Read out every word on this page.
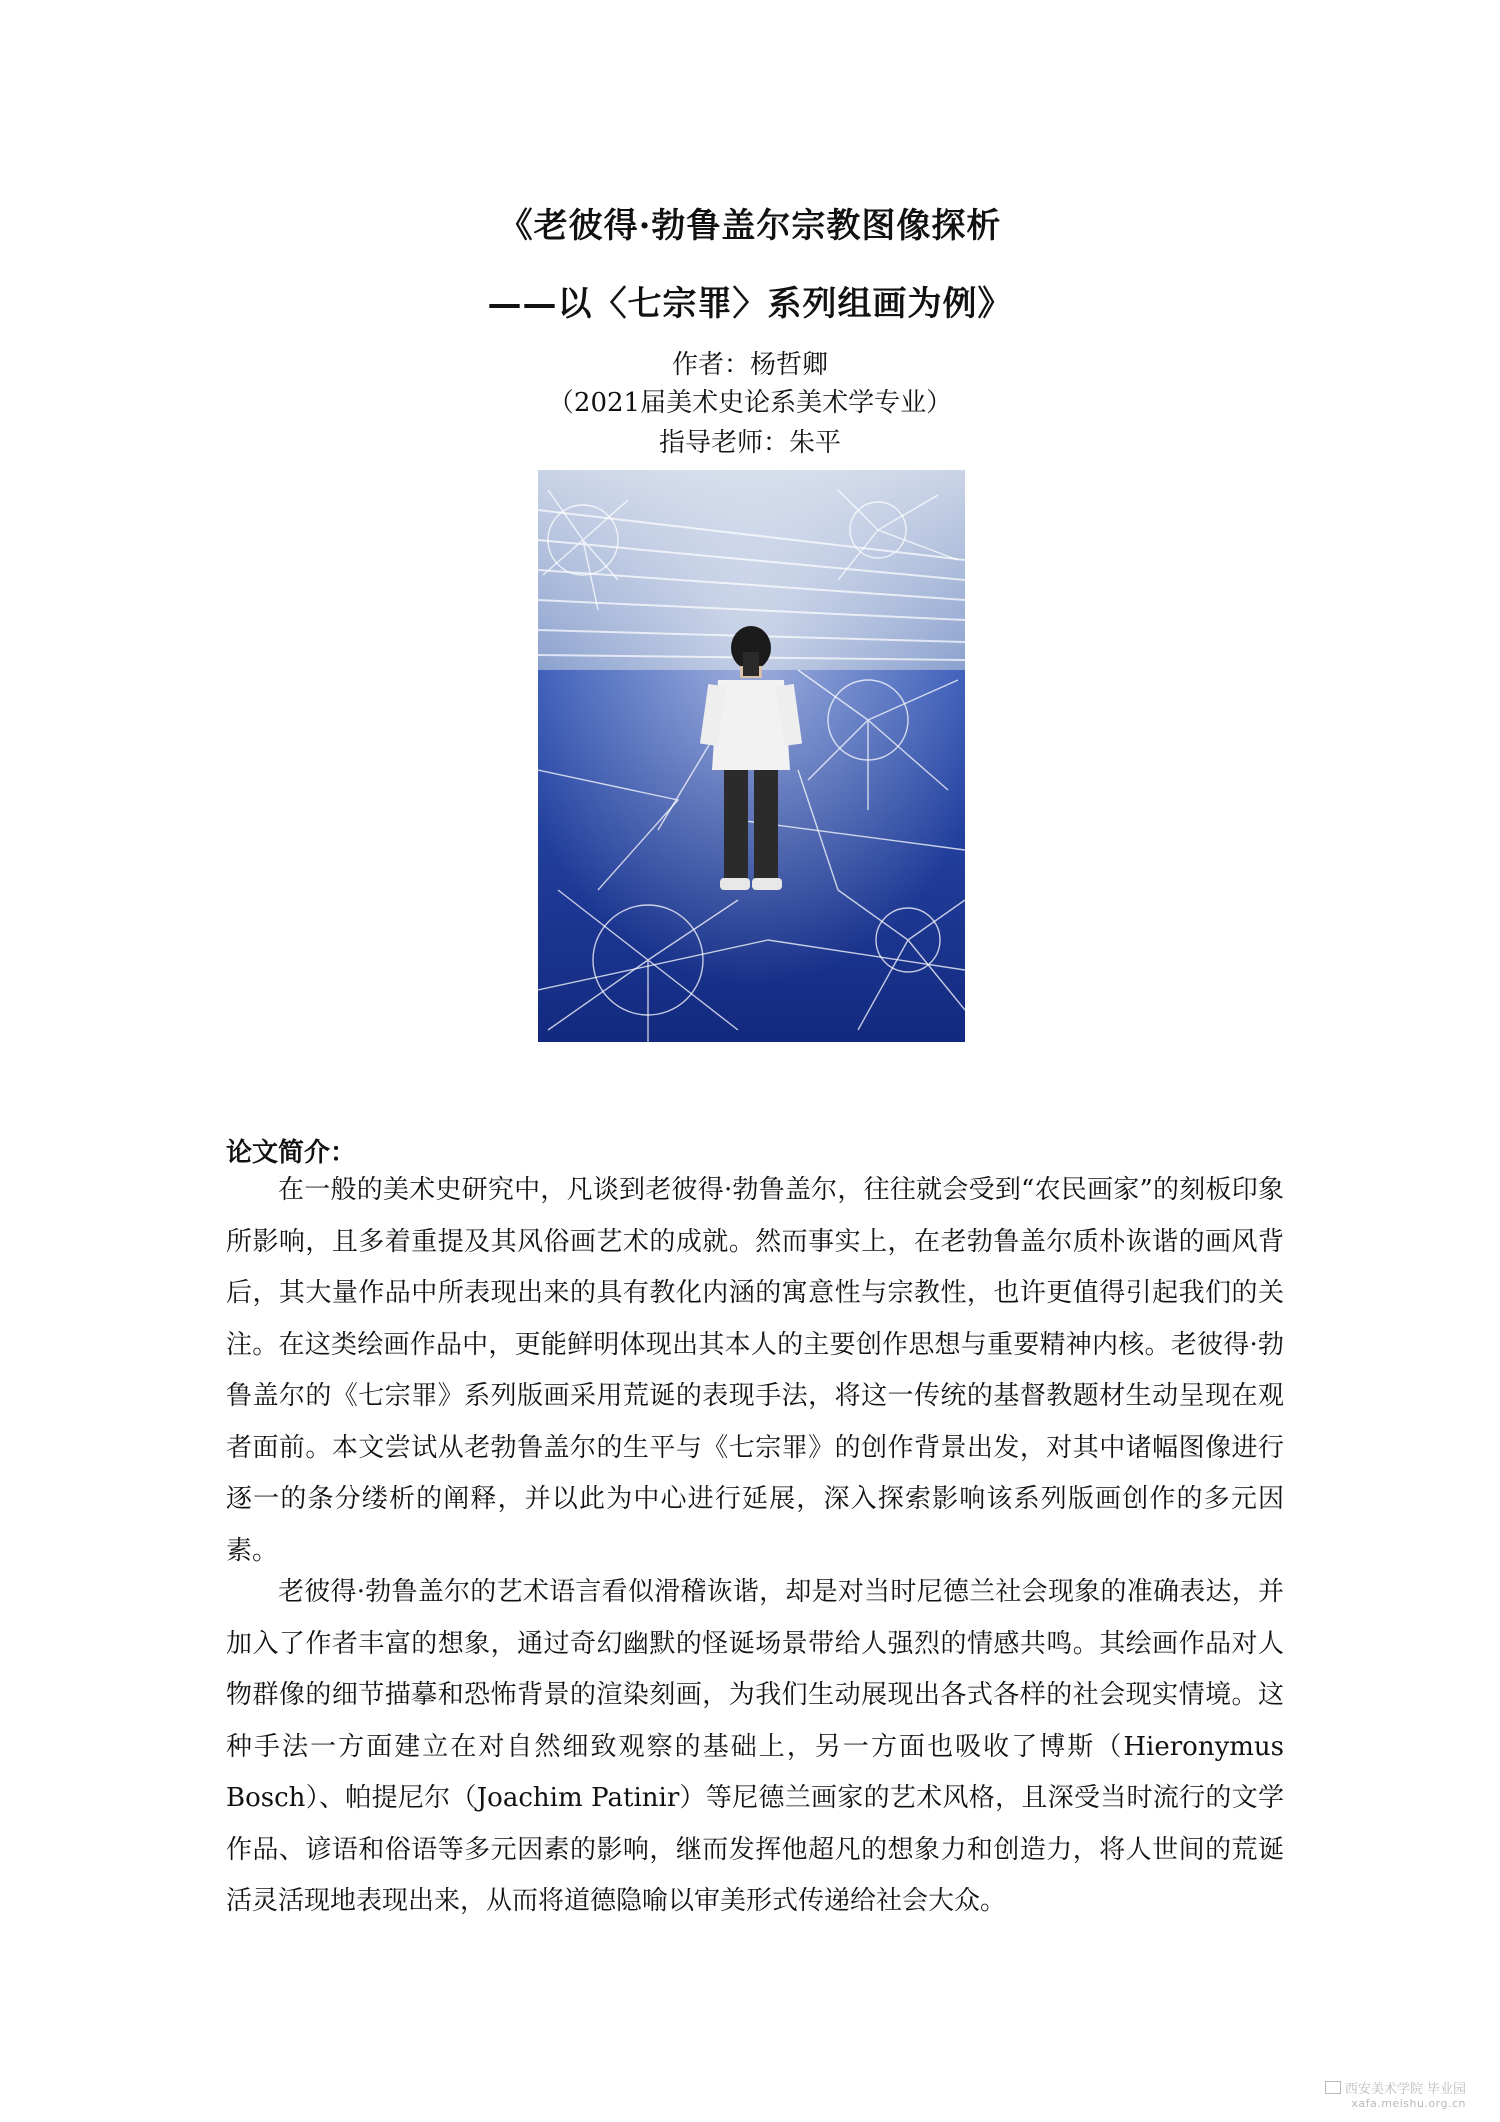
《老彼得·勃鲁盖尔宗教图像探析
——以〈七宗罪〉系列组画为例》
作者：杨哲卿
（2021届美术史论系美术学专业）
指导老师：朱平
论文简介：

在一般的美术史研究中，凡谈到老彼得·勃鲁盖尔，往往就会受到“农民画家”的刻板印象所影响，且多着重提及其风俗画艺术的成就。然而事实上，在老勃鲁盖尔质朴诙谐的画风背后，其大量作品中所表现出来的具有教化内涵的寓意性与宗教性，也许更值得引起我们的关注。在这类绘画作品中，更能鲜明体现出其本人的主要创作思想与重要精神内核。老彼得·勃鲁盖尔的《七宗罪》系列版画采用荒诞的表现手法，将这一传统的基督教题材生动呈现在观者面前。本文尝试从老勃鲁盖尔的生平与《七宗罪》的创作背景出发，对其中诸幅图像进行逐一的条分缕析的阐释，并以此为中心进行延展，深入探索影响该系列版画创作的多元因素。

老彼得·勃鲁盖尔的艺术语言看似滑稽诙谐，却是对当时尼德兰社会现象的准确表达，并加入了作者丰富的想象，通过奇幻幽默的怪诞场景带给人强烈的情感共鸣。其绘画作品对人物群像的细节描摹和恐怖背景的渲染刻画，为我们生动展现出各式各样的社会现实情境。这种手法一方面建立在对自然细致观察的基础上，另一方面也吸收了博斯（Hieronymus Bosch）、帕提尼尔（Joachim Patinir）等尼德兰画家的艺术风格，且深受当时流行的文学作品、谚语和俗语等多元因素的影响，继而发挥他超凡的想象力和创造力，将人世间的荒诞活灵活现地表现出来，从而将道德隐喻以审美形式传递给社会大众。

西安美术学院 毕业园
xafa.meishu.org.cn
